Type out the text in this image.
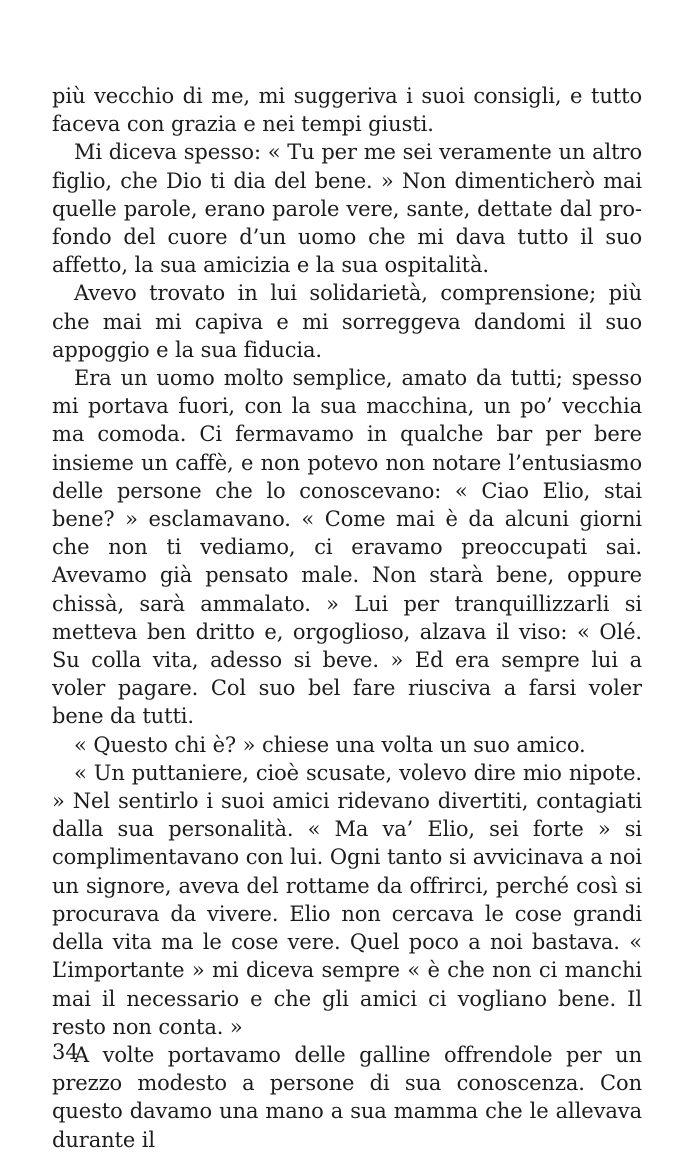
più vecchio di me, mi suggeriva i suoi consigli, e tutto faceva con grazia e nei tempi giusti.

Mi diceva spesso: « Tu per me sei veramente un altro figlio, che Dio ti dia del bene. » Non dimenticherò mai quelle parole, erano parole vere, sante, dettate dal profondo del cuore d’un uomo che mi dava tutto il suo affetto, la sua amicizia e la sua ospitalità.

Avevo trovato in lui solidarietà, comprensione; più che mai mi capiva e mi sorreggeva dandomi il suo appoggio e la sua fiducia.

Era un uomo molto semplice, amato da tutti; spesso mi portava fuori, con la sua macchina, un po’ vecchia ma comoda. Ci fermavamo in qualche bar per bere insieme un caffè, e non potevo non notare l’entusiasmo delle persone che lo conoscevano: « Ciao Elio, stai bene? » esclamavano. « Come mai è da alcuni giorni che non ti vediamo, ci eravamo preoccupati sai. Avevamo già pensato male. Non starà bene, oppure chissà, sarà ammalato. » Lui per tranquillizzarli si metteva ben dritto e, orgoglioso, alzava il viso: « Olé. Su colla vita, adesso si beve. » Ed era sempre lui a voler pagare. Col suo bel fare riusciva a farsi voler bene da tutti.

« Questo chi è? » chiese una volta un suo amico.

« Un puttaniere, cioè scusate, volevo dire mio nipote. » Nel sentirlo i suoi amici ridevano divertiti, contagiati dalla sua personalità. « Ma va’ Elio, sei forte » si complimentavano con lui. Ogni tanto si avvicinava a noi un signore, aveva del rottame da offrirci, perché così si procurava da vivere. Elio non cercava le cose grandi della vita ma le cose vere. Quel poco a noi bastava. « L’importante » mi diceva sempre « è che non ci manchi mai il necessario e che gli amici ci vogliano bene. Il resto non conta. »

A volte portavamo delle galline offrendole per un prezzo modesto a persone di sua conoscenza. Con questo davamo una mano a sua mamma che le allevava durante il

34
